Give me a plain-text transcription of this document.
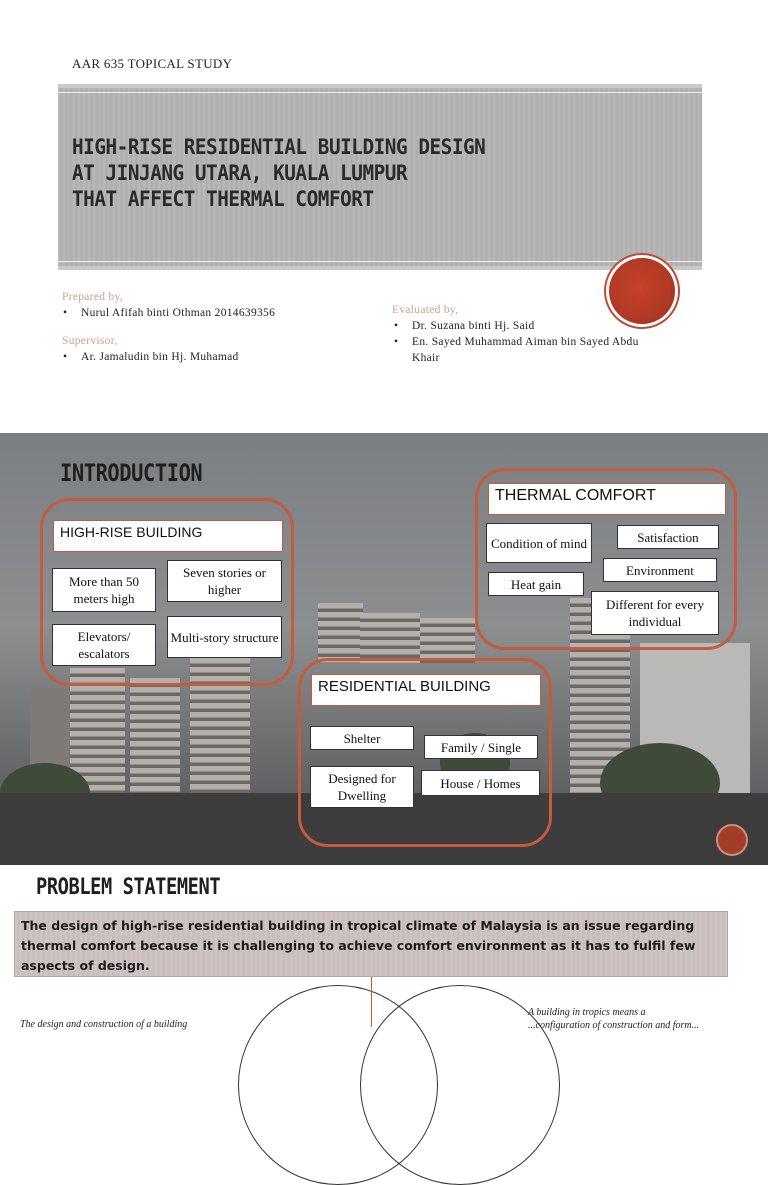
AAR 635 TOPICAL STUDY
HIGH-RISE RESIDENTIAL BUILDING DESIGN
AT JINJANG UTARA, KUALA LUMPUR
THAT AFFECT THERMAL COMFORT
Prepared by,
• Nurul Afifah binti Othman 2014639356
Supervisor,
• Ar. Jamaludin bin Hj. Muhamad
Evaluated by,
• Dr. Suzana binti Hj. Said
• En. Sayed Muhammad Aiman bin Sayed Abdu
Khair
INTRODUCTION
HIGH-RISE BUILDING
More than 50 meters high
Seven stories or higher
Elevators/ escalators
Multi-story structure
THERMAL COMFORT
Condition of mind	Satisfaction
Heat gain
Environment
Different for every individual
RESIDENTIAL BUILDING
Shelter
Family / Single
Designed for Dwelling
House / Homes
PROBLEM STATEMENT
The design of high-rise residential building in tropical climate of Malaysia is an issue regarding thermal comfort because it is challenging to achieve comfort environment as it has to fulfil few aspects of design.
The design and construction of a building
A building in tropics means a
...configuration of construction and form...
